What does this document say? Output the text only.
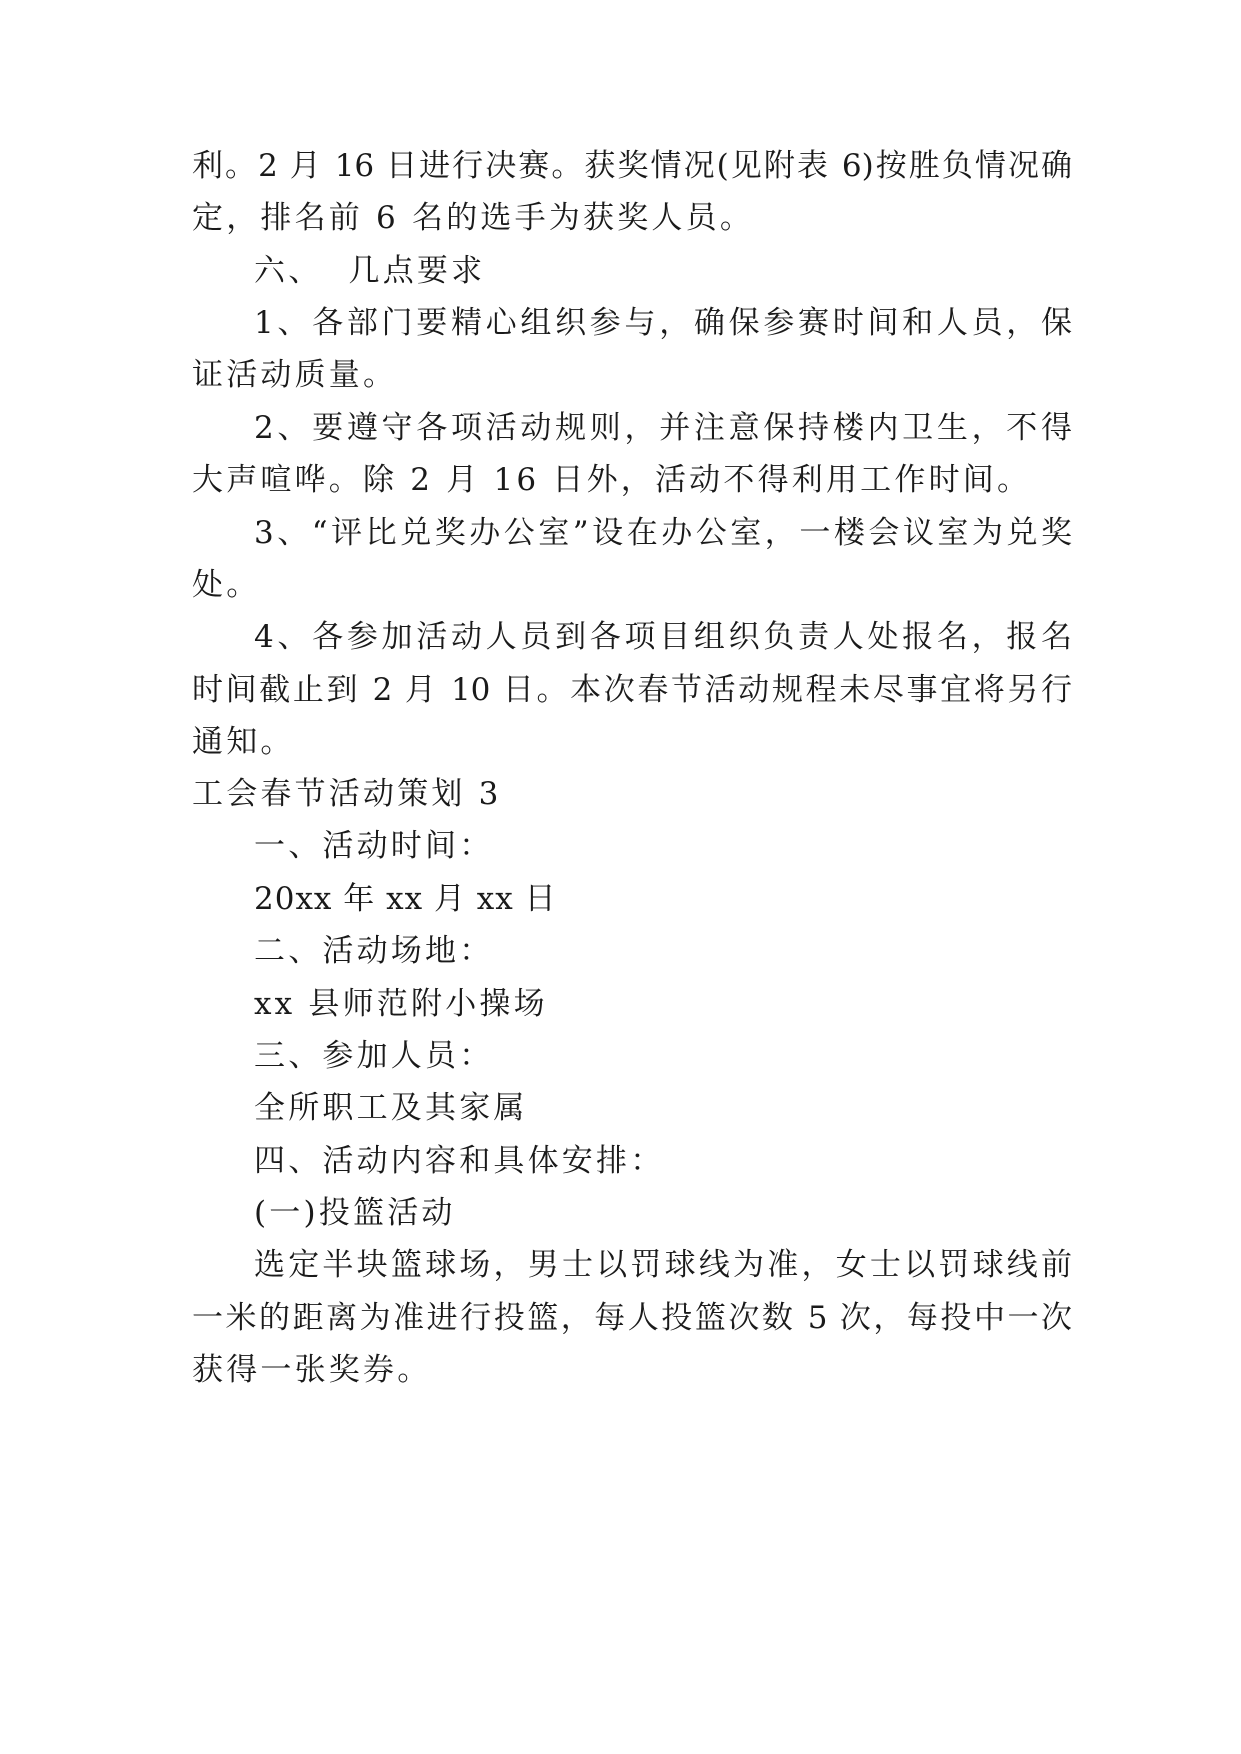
利。2 月 16 日进行决赛。获奖情况(见附表 6)按胜负情况确
定，排名前 6 名的选手为获奖人员。
六、  几点要求
1、各部门要精心组织参与，确保参赛时间和人员，保
证活动质量。
2、要遵守各项活动规则，并注意保持楼内卫生，不得
大声喧哗。除 2 月 16 日外，活动不得利用工作时间。
3、“评比兑奖办公室”设在办公室，一楼会议室为兑奖
处。
4、各参加活动人员到各项目组织负责人处报名，报名
时间截止到 2 月 10 日。本次春节活动规程未尽事宜将另行
通知。
工会春节活动策划 3
一、活动时间：
20xx 年 xx 月 xx 日
二、活动场地：
xx 县师范附小操场
三、参加人员：
全所职工及其家属
四、活动内容和具体安排：
(一)投篮活动
选定半块篮球场，男士以罚球线为准，女士以罚球线前
一米的距离为准进行投篮，每人投篮次数 5 次，每投中一次
获得一张奖券。
